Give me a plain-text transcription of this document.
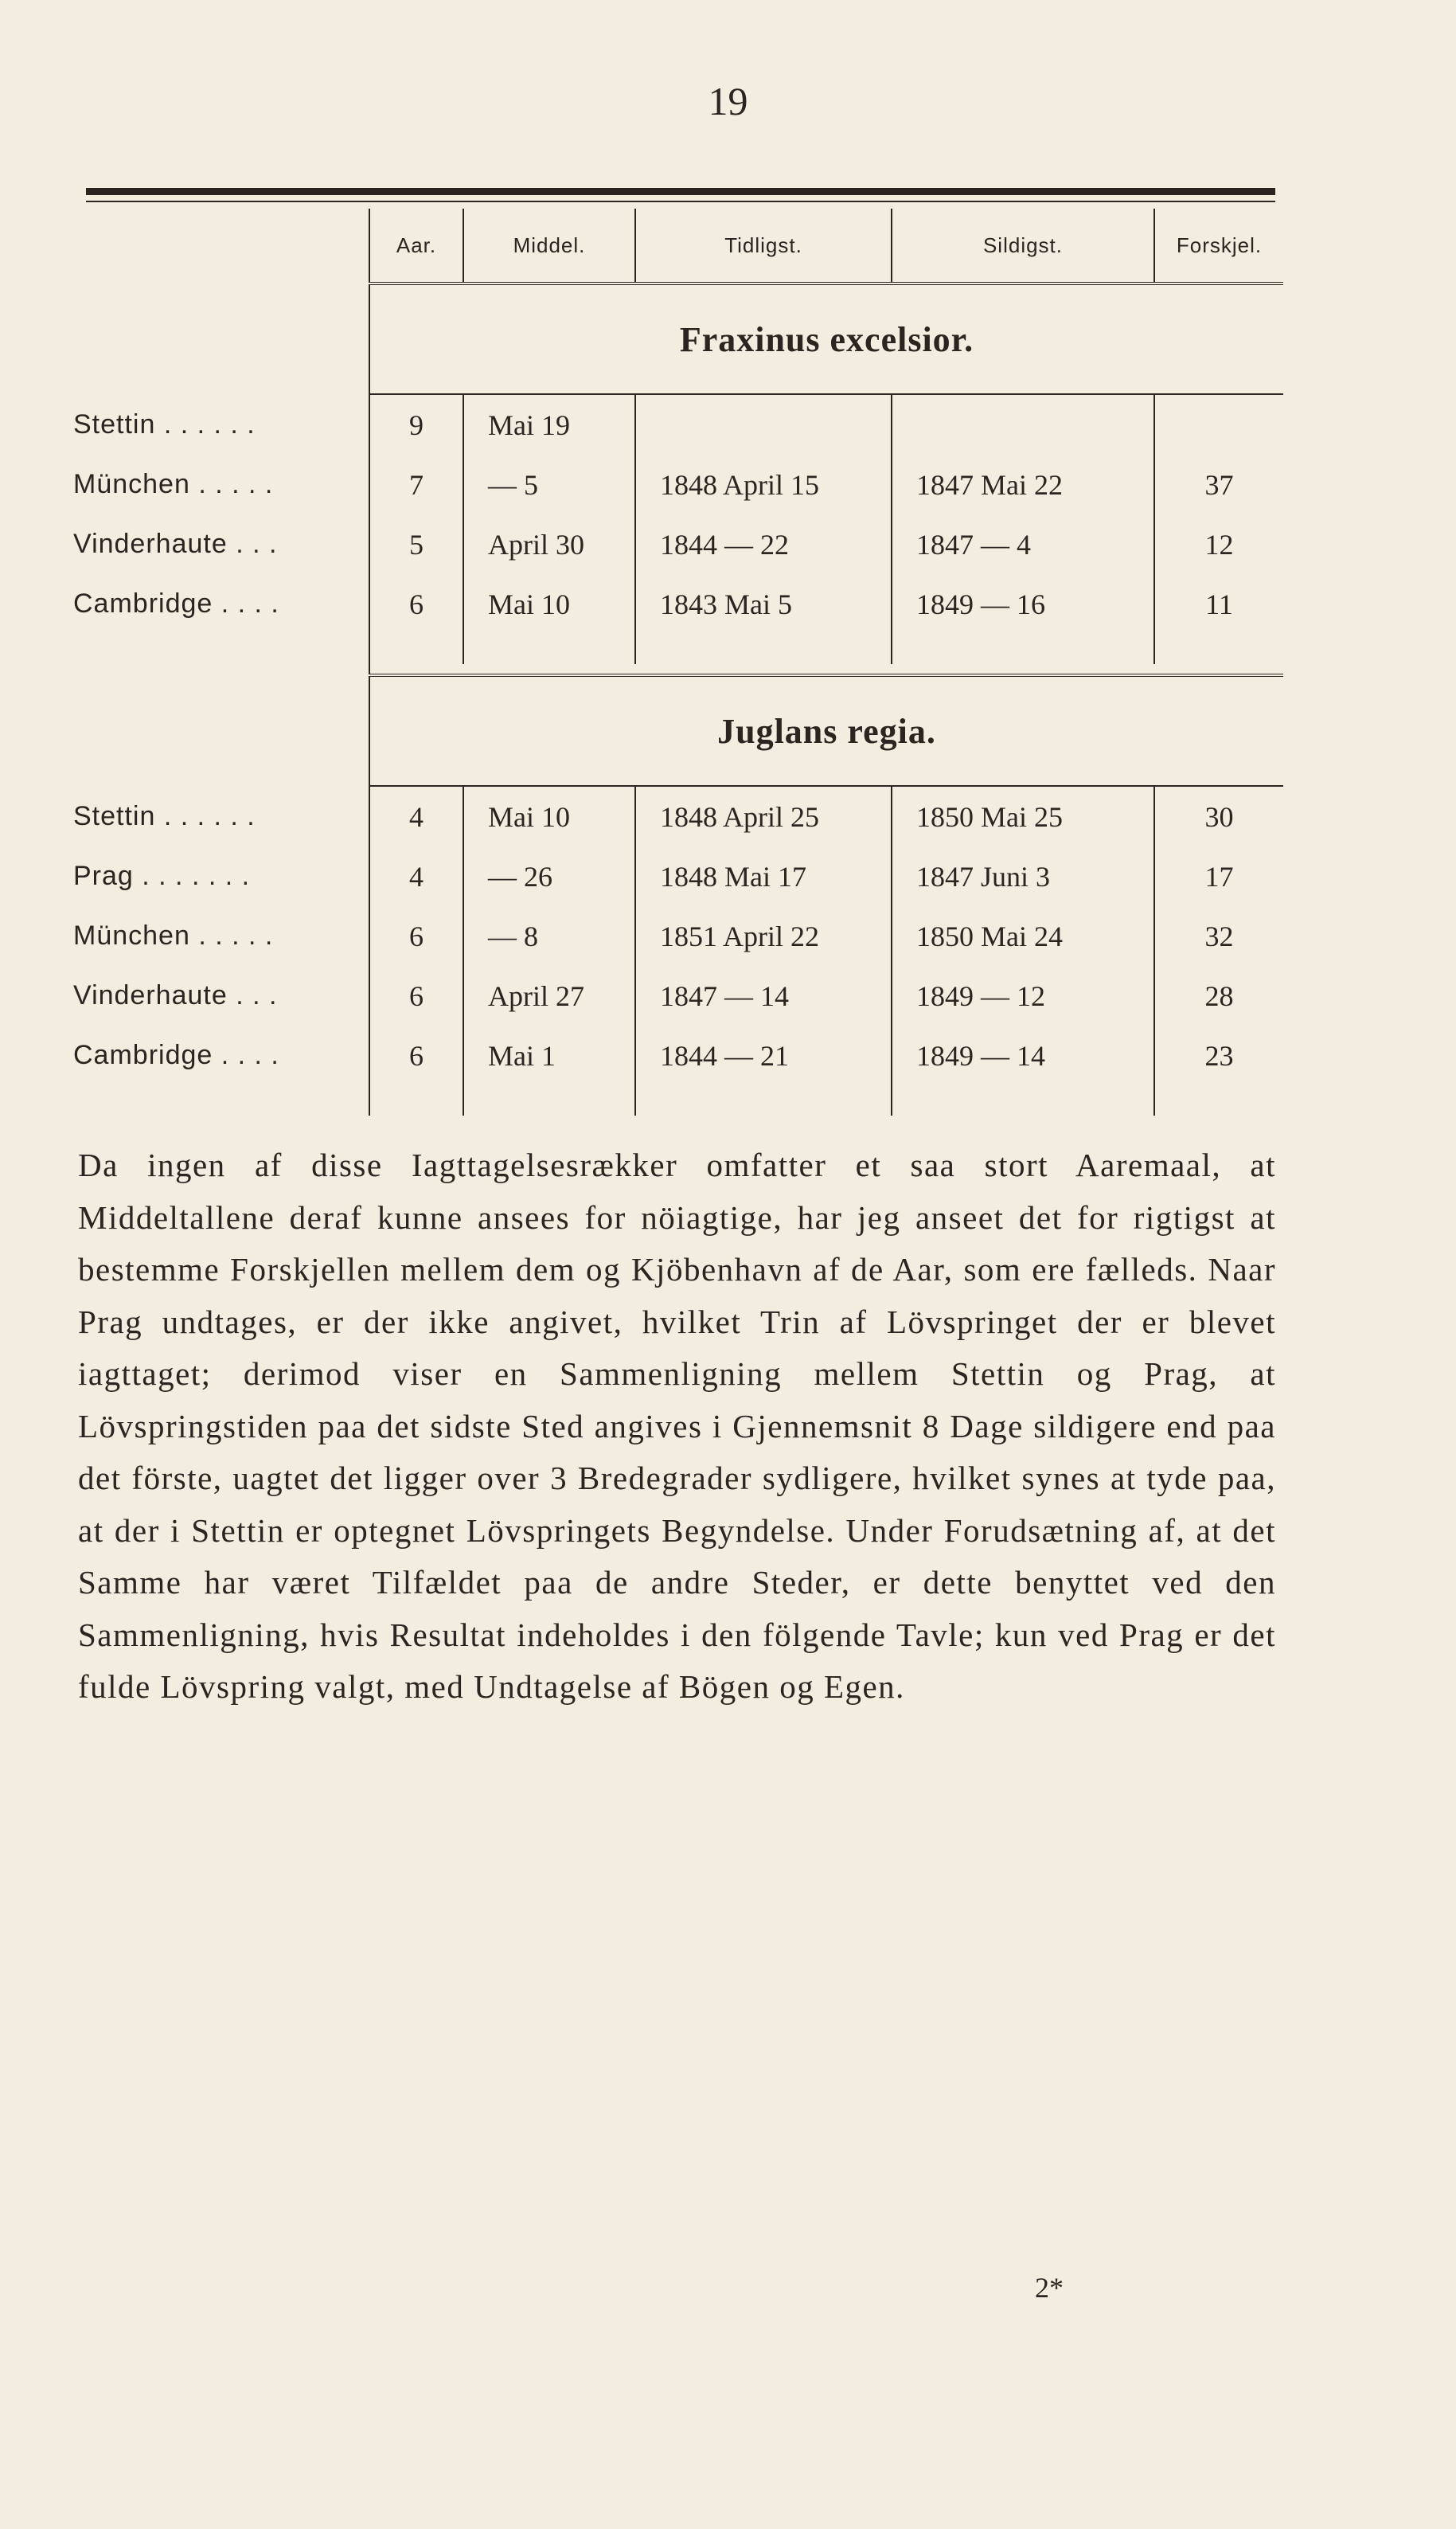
19
	Aar.	Middel.	Tidligst.	Sildigst.	Forskjel.
	Fraxinus excelsior.				
Stettin . . . . . .	9	Mai 19			
München . . . . .	7	— 5	1848 April 15	1847 Mai 22	37
Vinderhaute . . .	5	April 30	1844 — 22	1847 — 4	12
Cambridge . . . .	6	Mai 10	1843 Mai 5	1849 — 16	11

	Juglans regia.				
Stettin . . . . . .	4	Mai 10	1848 April 25	1850 Mai 25	30
Prag . . . . . . .	4	— 26	1848 Mai 17	1847 Juni 3	17
München . . . . .	6	— 8	1851 April 22	1850 Mai 24	32
Vinderhaute . . .	6	April 27	1847 — 14	1849 — 12	28
Cambridge . . . .	6	Mai 1	1844 — 21	1849 — 14	23

Da ingen af disse Iagttagelsesrækker omfatter et saa stort Aaremaal, at Middeltallene deraf kunne ansees for nöiagtige, har jeg anseet det for rigtigst at bestemme Forskjellen mellem dem og Kjöbenhavn af de Aar, som ere fælleds. Naar Prag undtages, er der ikke angivet, hvilket Trin af Lövspringet der er blevet iagttaget; derimod viser en Sammenligning mellem Stettin og Prag, at Lövspringstiden paa det sidste Sted angives i Gjennemsnit 8 Dage sildigere end paa det förste, uagtet det ligger over 3 Bredegrader sydligere, hvilket synes at tyde paa, at der i Stettin er optegnet Lövspringets Begyndelse. Under Forudsætning af, at det Samme har været Tilfældet paa de andre Steder, er dette benyttet ved den Sammenligning, hvis Resultat indeholdes i den fölgende Tavle; kun ved Prag er det fulde Lövspring valgt, med Undtagelse af Bögen og Egen.

2*
